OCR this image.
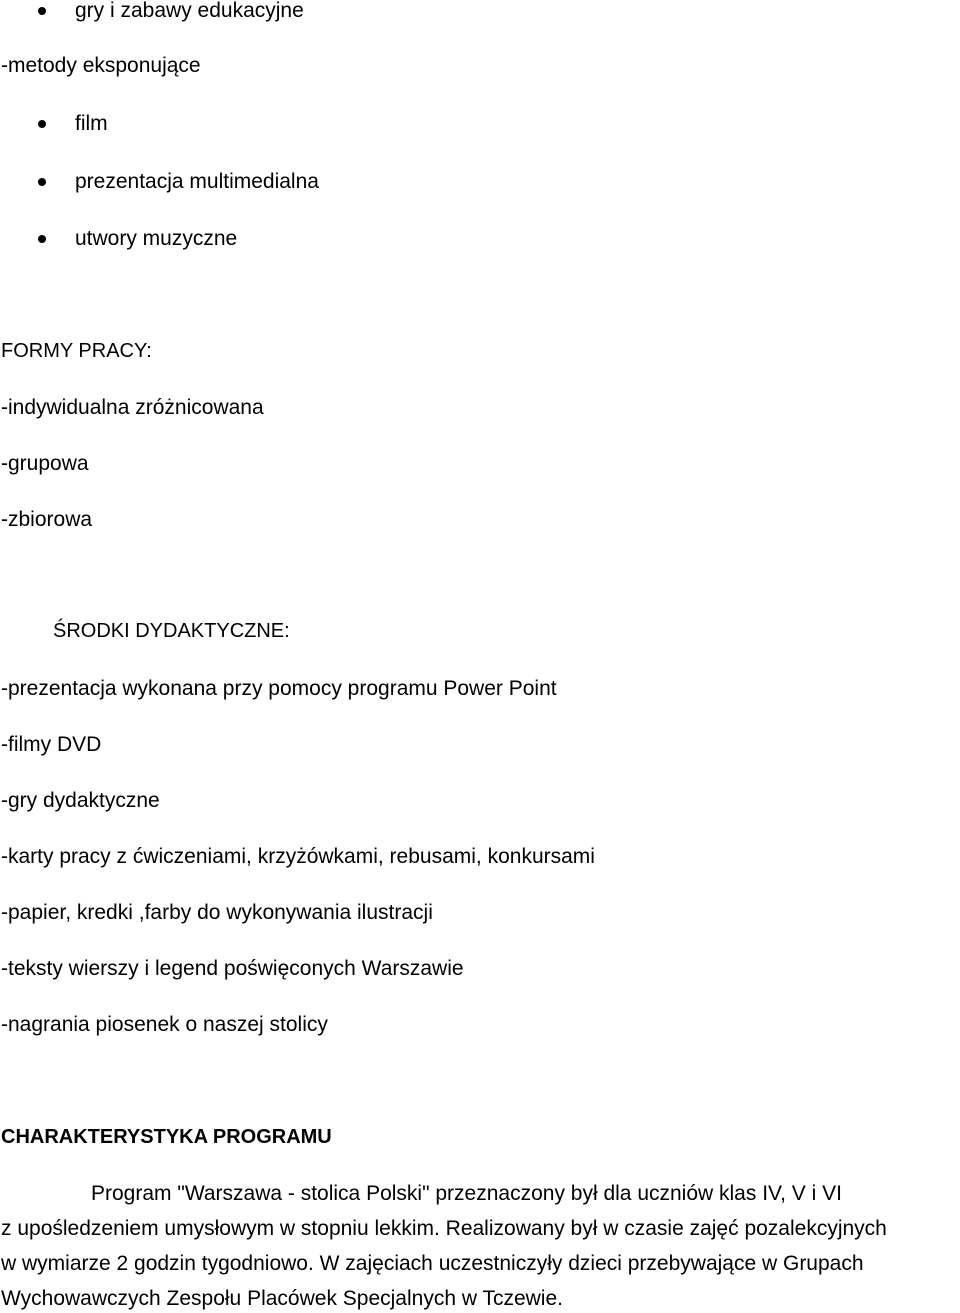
gry i zabawy edukacyjne
-metody eksponujące
film
prezentacja multimedialna
utwory muzyczne
FORMY PRACY:
-indywidualna zróżnicowana
-grupowa
-zbiorowa
ŚRODKI DYDAKTYCZNE:
-prezentacja wykonana przy pomocy programu Power Point
-filmy DVD
-gry dydaktyczne
-karty pracy z ćwiczeniami, krzyżówkami, rebusami, konkursami
-papier, kredki ,farby do wykonywania ilustracji
-teksty wierszy i legend poświęconych Warszawie
-nagrania piosenek o naszej stolicy
CHARAKTERYSTYKA PROGRAMU
Program "Warszawa - stolica Polski" przeznaczony był dla uczniów klas IV, V i VI
z upośledzeniem umysłowym w stopniu lekkim. Realizowany był w czasie zajęć pozalekcyjnych
w wymiarze 2 godzin tygodniowo. W zajęciach uczestniczyły dzieci przebywające w Grupach
Wychowawczych Zespołu Placówek Specjalnych w Tczewie.
